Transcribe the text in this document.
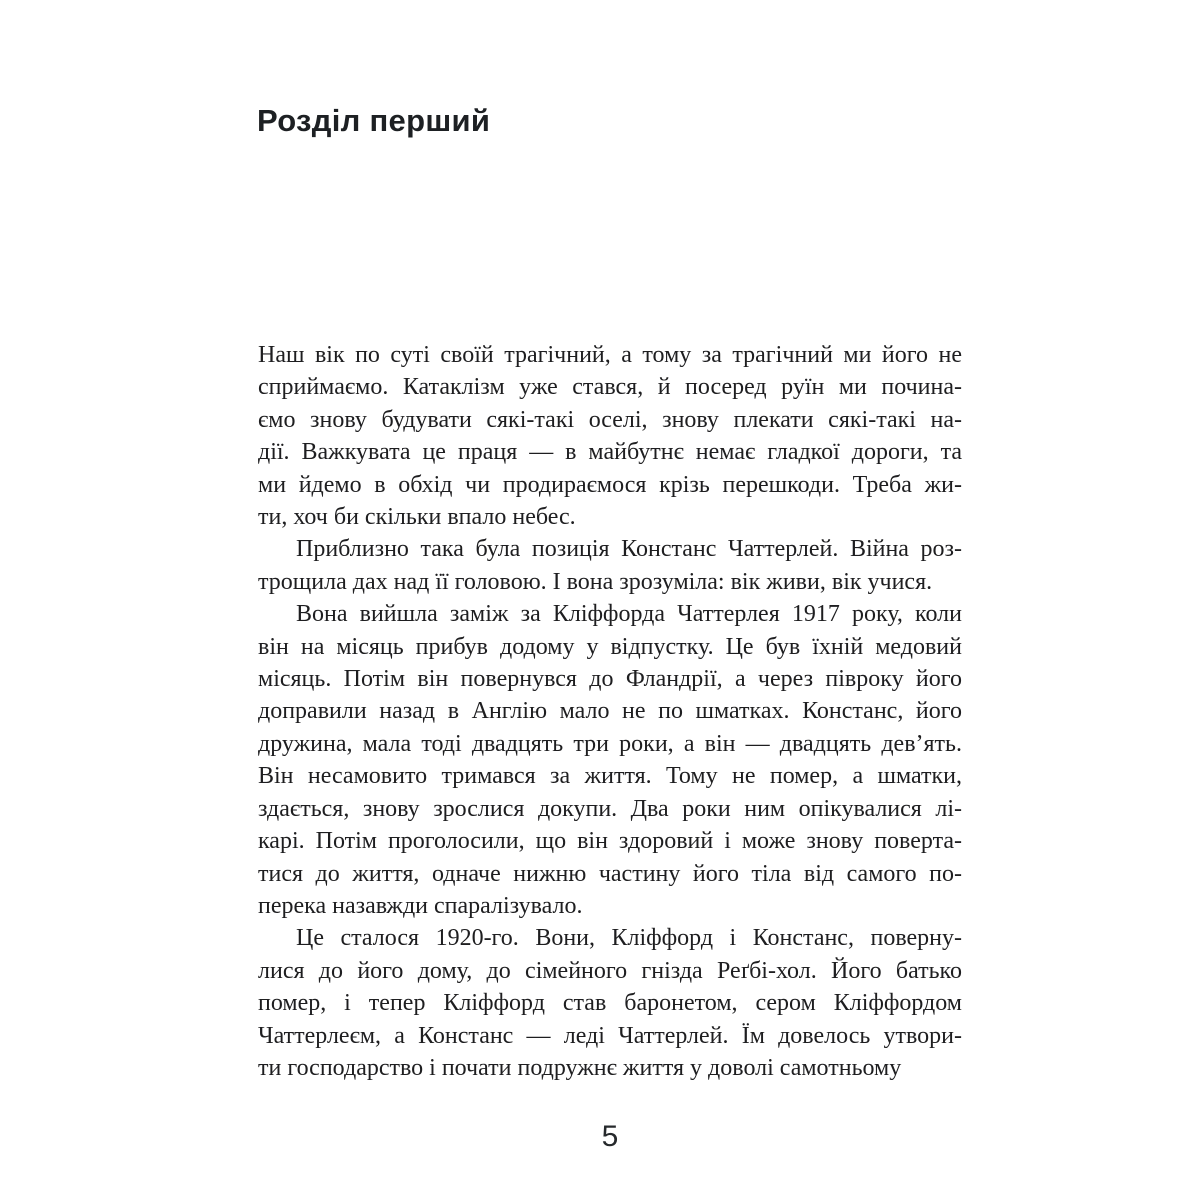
Розділ перший
Наш вік по суті своїй трагічний, а тому за трагічний ми його не
сприймаємо. Катаклізм уже стався, й посеред руїн ми почина-
ємо знову будувати сякі-такі оселі, знову плекати сякі-такі на-
дії. Важкувата це праця — в майбутнє немає гладкої дороги, та
ми йдемо в обхід чи продираємося крізь перешкоди. Треба жи-
ти, хоч би скільки впало небес.
Приблизно така була позиція Констанс Чаттерлей. Війна роз-
трощила дах над її головою. І вона зрозуміла: вік живи, вік учися.
Вона вийшла заміж за Кліффорда Чаттерлея 1917 року, коли
він на місяць прибув додому у відпустку. Це був їхній медовий
місяць. Потім він повернувся до Фландрії, а через півроку його
доправили назад в Англію мало не по шматках. Констанс, його
дружина, мала тоді двадцять три роки, а він — двадцять дев’ять.
Він несамовито тримався за життя. Тому не помер, а шматки,
здається, знову зрослися докупи. Два роки ним опікувалися лі-
карі. Потім проголосили, що він здоровий і може знову поверта-
тися до життя, одначе нижню частину його тіла від самого по-
перека назавжди спаралізувало.
Це сталося 1920-го. Вони, Кліффорд і Констанс, поверну-
лися до його дому, до сімейного гнізда Реґбі-хол. Його батько
помер, і тепер Кліффорд став баронетом, сером Кліффордом
Чаттерлеєм, а Констанс — леді Чаттерлей. Їм довелось утвори-
ти господарство і почати подружнє життя у доволі самотньому
5
